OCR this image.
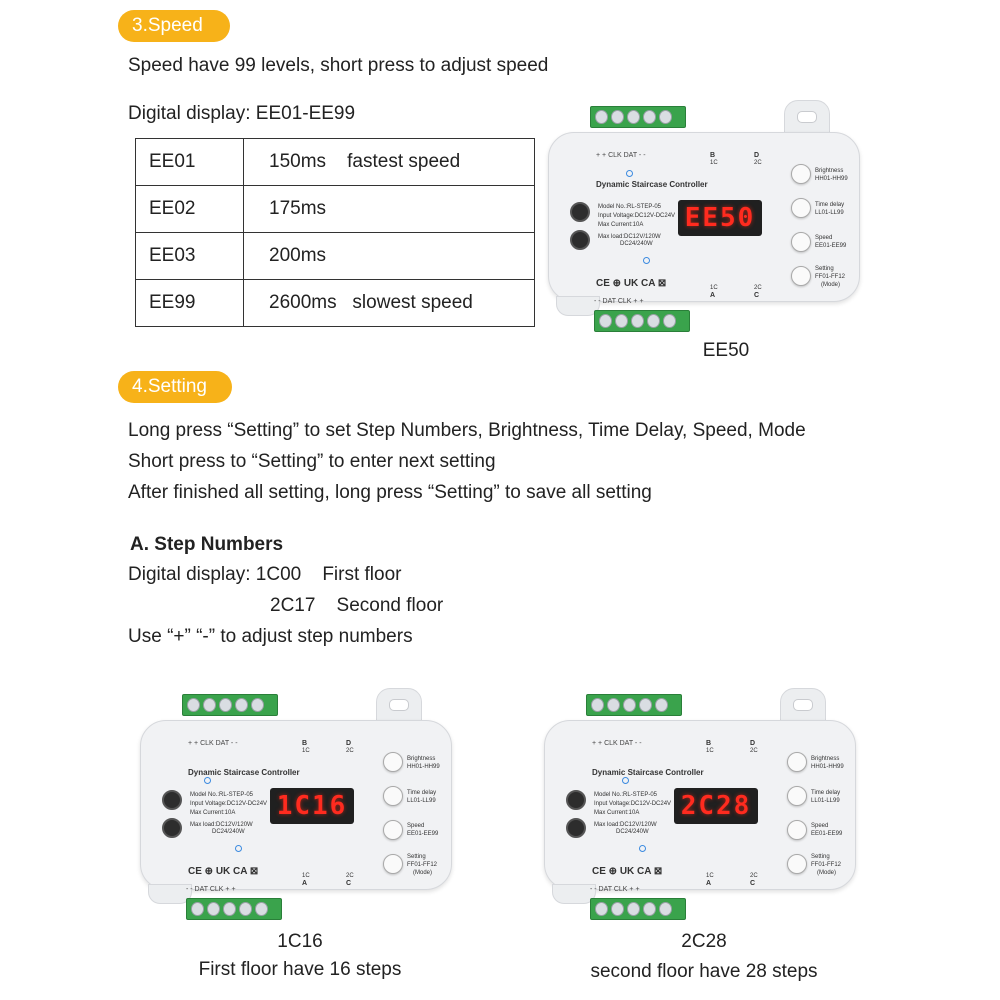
3.Speed
Speed have 99 levels, short press to adjust speed
Digital display: EE01-EE99
EE01	150ms    fastest speed
EE02	175ms
EE03	200ms
EE99	2600ms   slowest speed
+ + CLK DAT - -
- - DAT CLK + +
Dynamic Staircase Controller
Model No.:RL-STEP-05
Input Voltage:DC12V-DC24V
Max Current:10A
Max load:DC12V/120W
DC24/240W
EE50
B
1C
D
2C
1C
A
2C
C
CE ⊕ UK CA ⊠
Brightness
HH01-HH99
Time delay
LL01-LL99
Speed
EE01-EE99
Setting
FF01-FF12
(Mode)
EE50
4.Setting
Long press “Setting” to set Step Numbers, Brightness, Time Delay, Speed, Mode
Short press to “Setting” to enter next setting
After finished all setting, long press “Setting” to save all setting
A. Step Numbers
Digital display: 1C00    First floor
2C17    Second floor
Use “+” “-” to adjust step numbers
+ + CLK DAT - -
- - DAT CLK + +
Dynamic Staircase Controller
Model No.:RL-STEP-05
Input Voltage:DC12V-DC24V
Max Current:10A
Max load:DC12V/120W
DC24/240W
1C16
B
1C
D
2C
1C
A
2C
C
CE ⊕ UK CA ⊠
Brightness
HH01-HH99
Time delay
LL01-LL99
Speed
EE01-EE99
Setting
FF01-FF12
(Mode)
+ + CLK DAT - -
- - DAT CLK + +
Dynamic Staircase Controller
Model No.:RL-STEP-05
Input Voltage:DC12V-DC24V
Max Current:10A
Max load:DC12V/120W
DC24/240W
2C28
B
1C
D
2C
1C
A
2C
C
CE ⊕ UK CA ⊠
Brightness
HH01-HH99
Time delay
LL01-LL99
Speed
EE01-EE99
Setting
FF01-FF12
(Mode)
1C16
First floor have 16 steps
2C28
second floor have 28 steps
